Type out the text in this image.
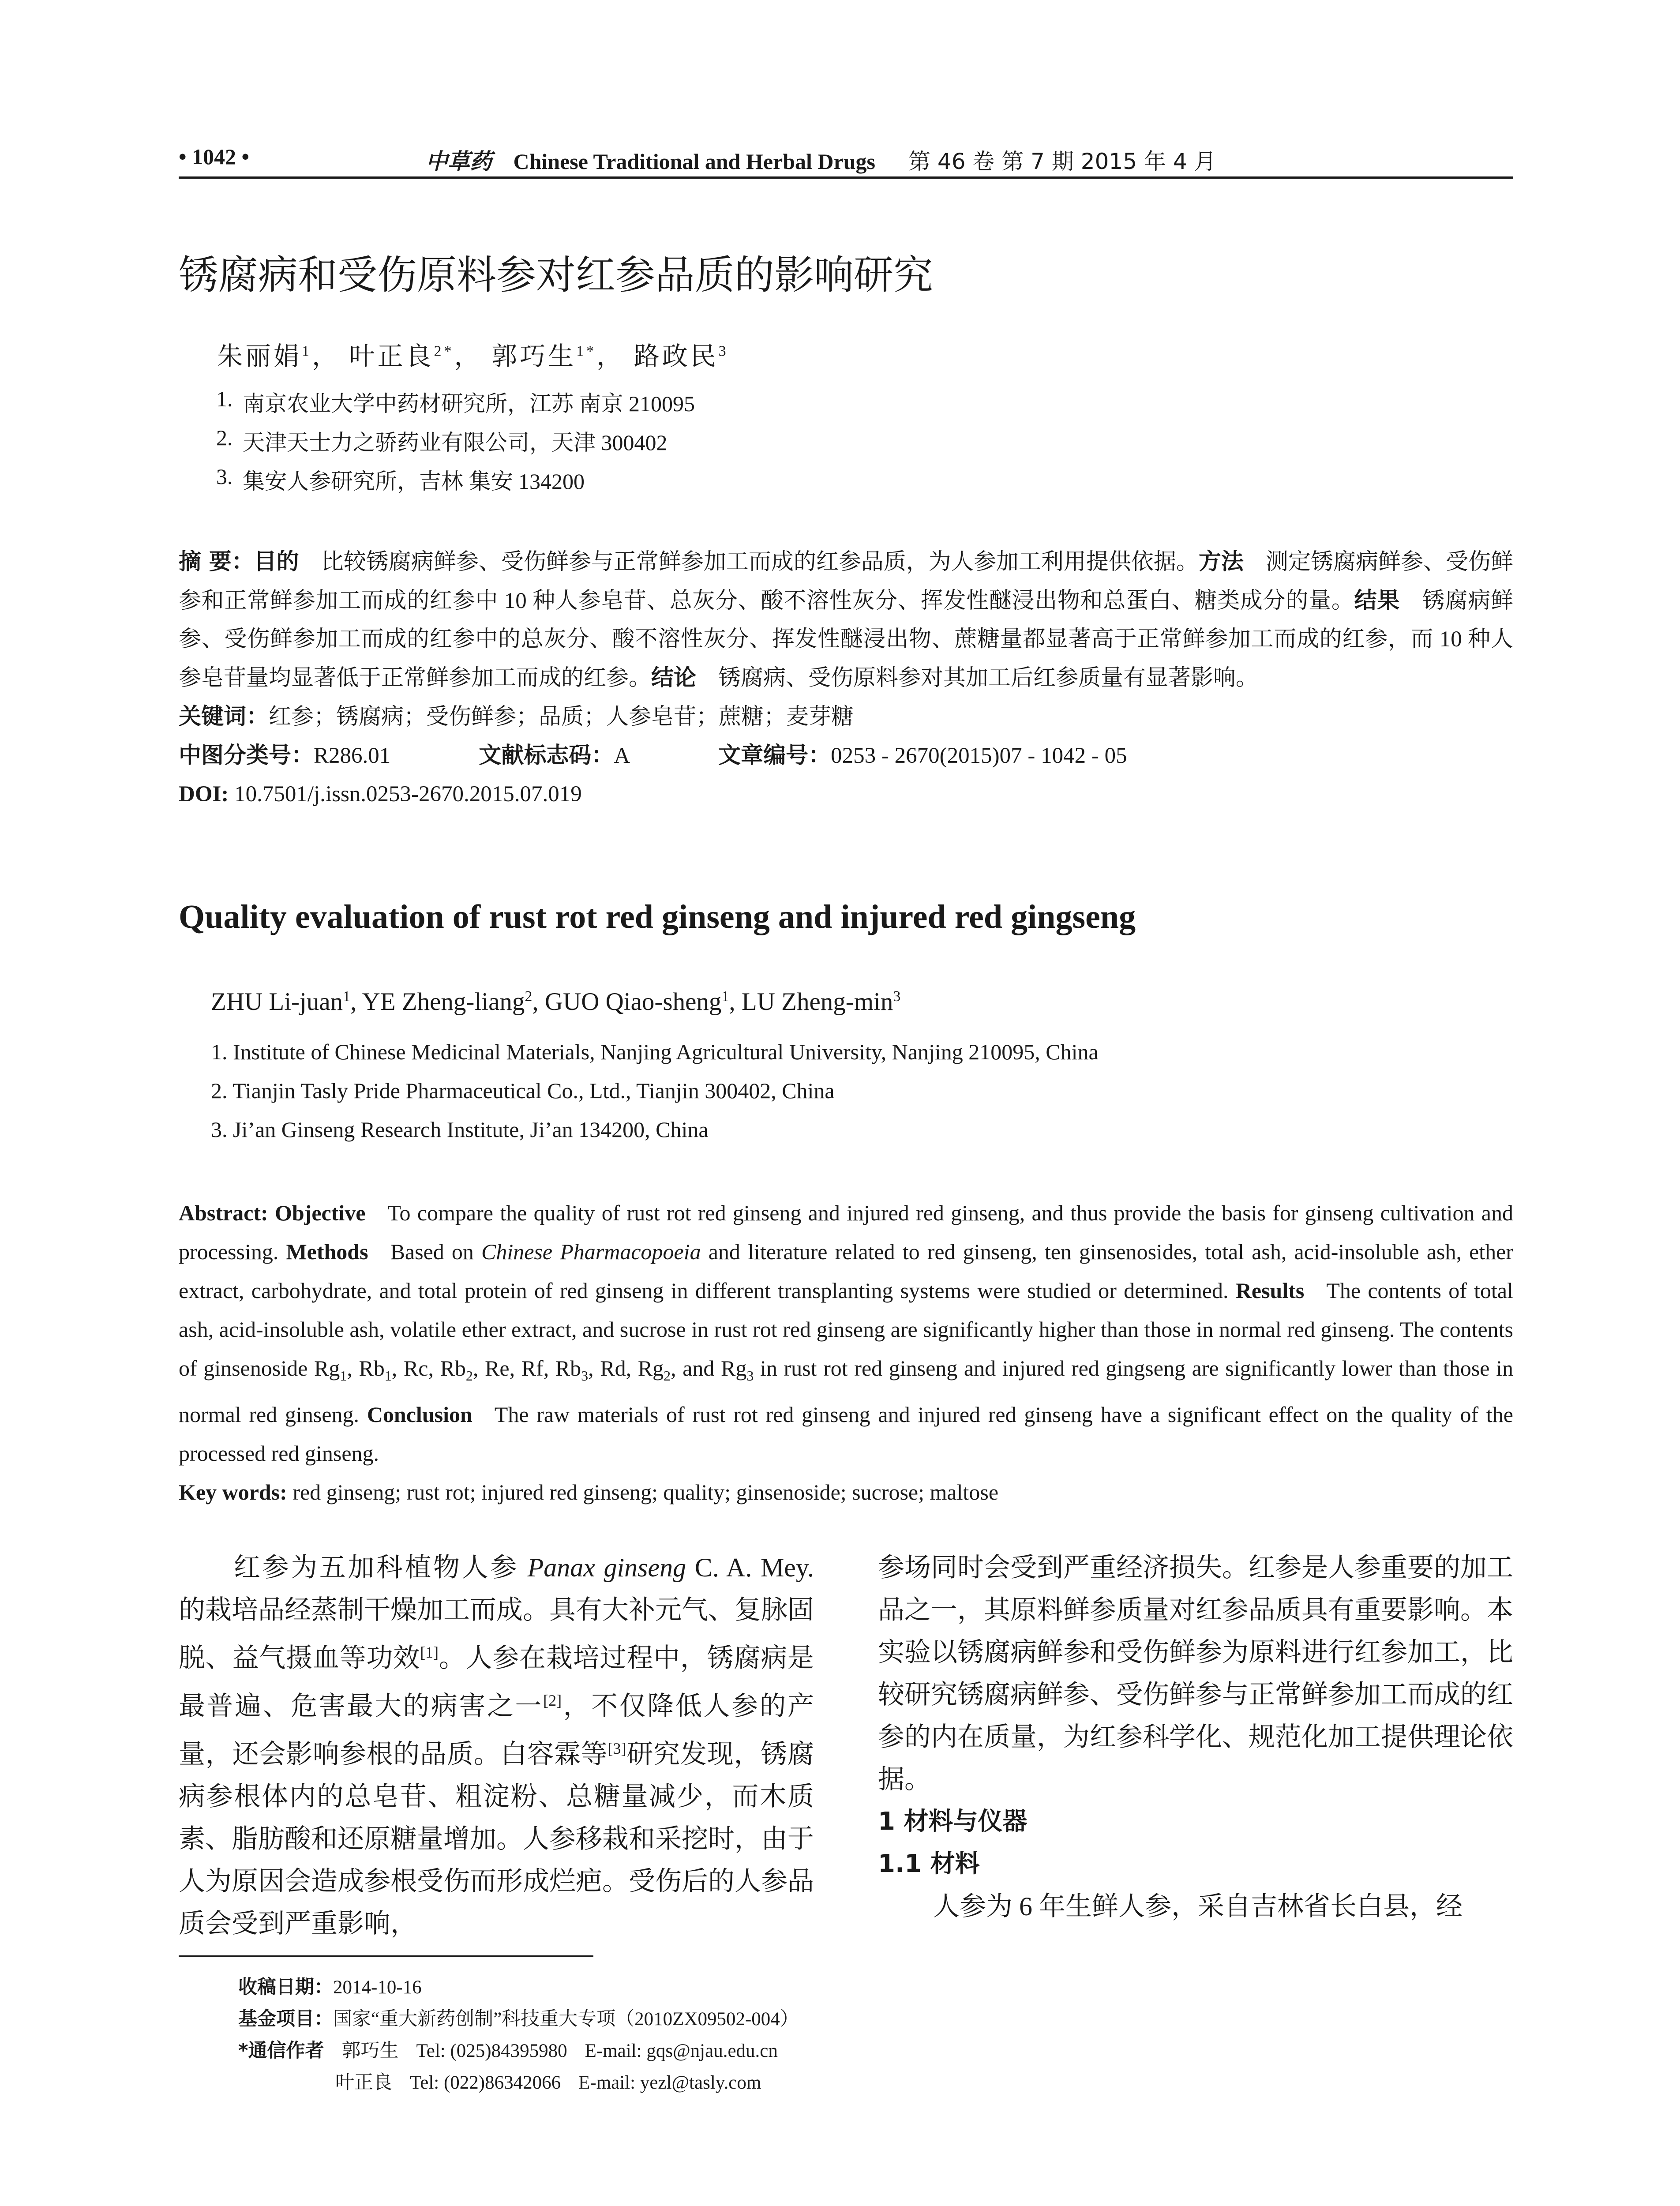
• 1042 •	中草药 Chinese Traditional and Herbal Drugs 第 46 卷 第 7 期 2015 年 4 月
锈腐病和受伤原料参对红参品质的影响研究
朱丽娟$^1$， 叶正良$^{2*}$， 郭巧生$^{1*}$， 路政民$^3$
1. 南京农业大学中药材研究所，江苏 南京 210095
2. 天津天士力之骄药业有限公司，天津 300402
3. 集安人参研究所，吉林 集安 134200

摘 要：目的 比较锈腐病鲜参、受伤鲜参与正常鲜参加工而成的红参品质，为人参加工利用提供依据。方法 测定锈腐病鲜参、受伤鲜参和正常鲜参加工而成的红参中 10 种人参皂苷、总灰分、酸不溶性灰分、挥发性醚浸出物和总蛋白、糖类成分的量。结果 锈腐病鲜参、受伤鲜参加工而成的红参中的总灰分、酸不溶性灰分、挥发性醚浸出物、蔗糖量都显著高于正常鲜参加工而成的红参，而 10 种人参皂苷量均显著低于正常鲜参加工而成的红参。结论 锈腐病、受伤原料参对其加工后红参质量有显著影响。

关键词：红参；锈腐病；受伤鲜参；品质；人参皂苷；蔗糖；麦芽糖

中图分类号：R286.01	文献标志码：A	文章编号：0253 - 2670(2015)07 - 1042 - 05

DOI: 10.7501/j.issn.0253-2670.2015.07.019

Quality evaluation of rust rot red ginseng and injured red gingseng
ZHU Li-juan$^1$, YE Zheng-liang$^2$, GUO Qiao-sheng$^1$, LU Zheng-$\min^3$
1. Institute of Chinese Medicinal Materials, Nanjing Agricultural University, Nanjing 210095, China
2. Tianjin Tasly Pride Pharmaceutical Co., Ltd., Tianjin 300402, China
3. Ji’an Ginseng Research Institute, Ji’an 134200, China

Abstract: Objective To compare the quality of rust rot red ginseng and injured red ginseng, and thus provide the basis for ginseng cultivation and processing. Methods Based on Chinese Pharmacopoeia and literature related to red ginseng, ten ginsenosides, total ash, acid-insoluble ash, ether extract, carbohydrate, and total protein of red ginseng in different transplanting systems were studied or determined. Results The contents of total ash, acid-insoluble ash, volatile ether extract, and sucrose in rust rot red ginseng are significantly higher than those in normal red ginseng. The contents of ginsenoside $Rg_1$, $Rb_1$, Rc, $Rb_2$, Re, Rf, $Rb_3$, Rd, $Rg_2$, and $Rg_3$ in rust rot red ginseng and injured red gingseng are significantly lower than those in normal red ginseng. Conclusion The raw materials of rust rot red ginseng and injured red ginseng have a significant effect on the quality of the processed red ginseng.

Key words: red ginseng; rust rot; injured red ginseng; quality; ginsenoside; sucrose; maltose

红参为五加科植物人参 Panax ginseng C. A. Mey. 的栽培品经蒸制干燥加工而成。具有大补元气、复脉固脱、益气摄血等功效[1]。人参在栽培过程中，锈腐病是最普遍、危害最大的病害之一[2]，不仅降低人参的产量，还会影响参根的品质。白容霖等[3]研究发现，锈腐病参根体内的总皂苷、粗淀粉、总糖量减少，而木质素、脂肪酸和还原糖量增加。人参移栽和采挖时，由于人为原因会造成参根受伤而形成烂疤。受伤后的人参品质会受到严重影响，

参场同时会受到严重经济损失。红参是人参重要的加工品之一，其原料鲜参质量对红参品质具有重要影响。本实验以锈腐病鲜参和受伤鲜参为原料进行红参加工，比较研究锈腐病鲜参、受伤鲜参与正常鲜参加工而成的红参的内在质量，为红参科学化、规范化加工提供理论依据。

1 材料与仪器

1.1 材料

人参为 6 年生鲜人参，采自吉林省长白县，经

收稿日期：2014-10-16
基金项目：国家“重大新药创制”科技重大专项（2010ZX09502-004）
*通信作者 郭巧生 Tel: (025)84395980 E-mail: gqs@njau.edu.cn
叶正良 Tel: (022)86342066 E-mail: yezl@tasly.com
